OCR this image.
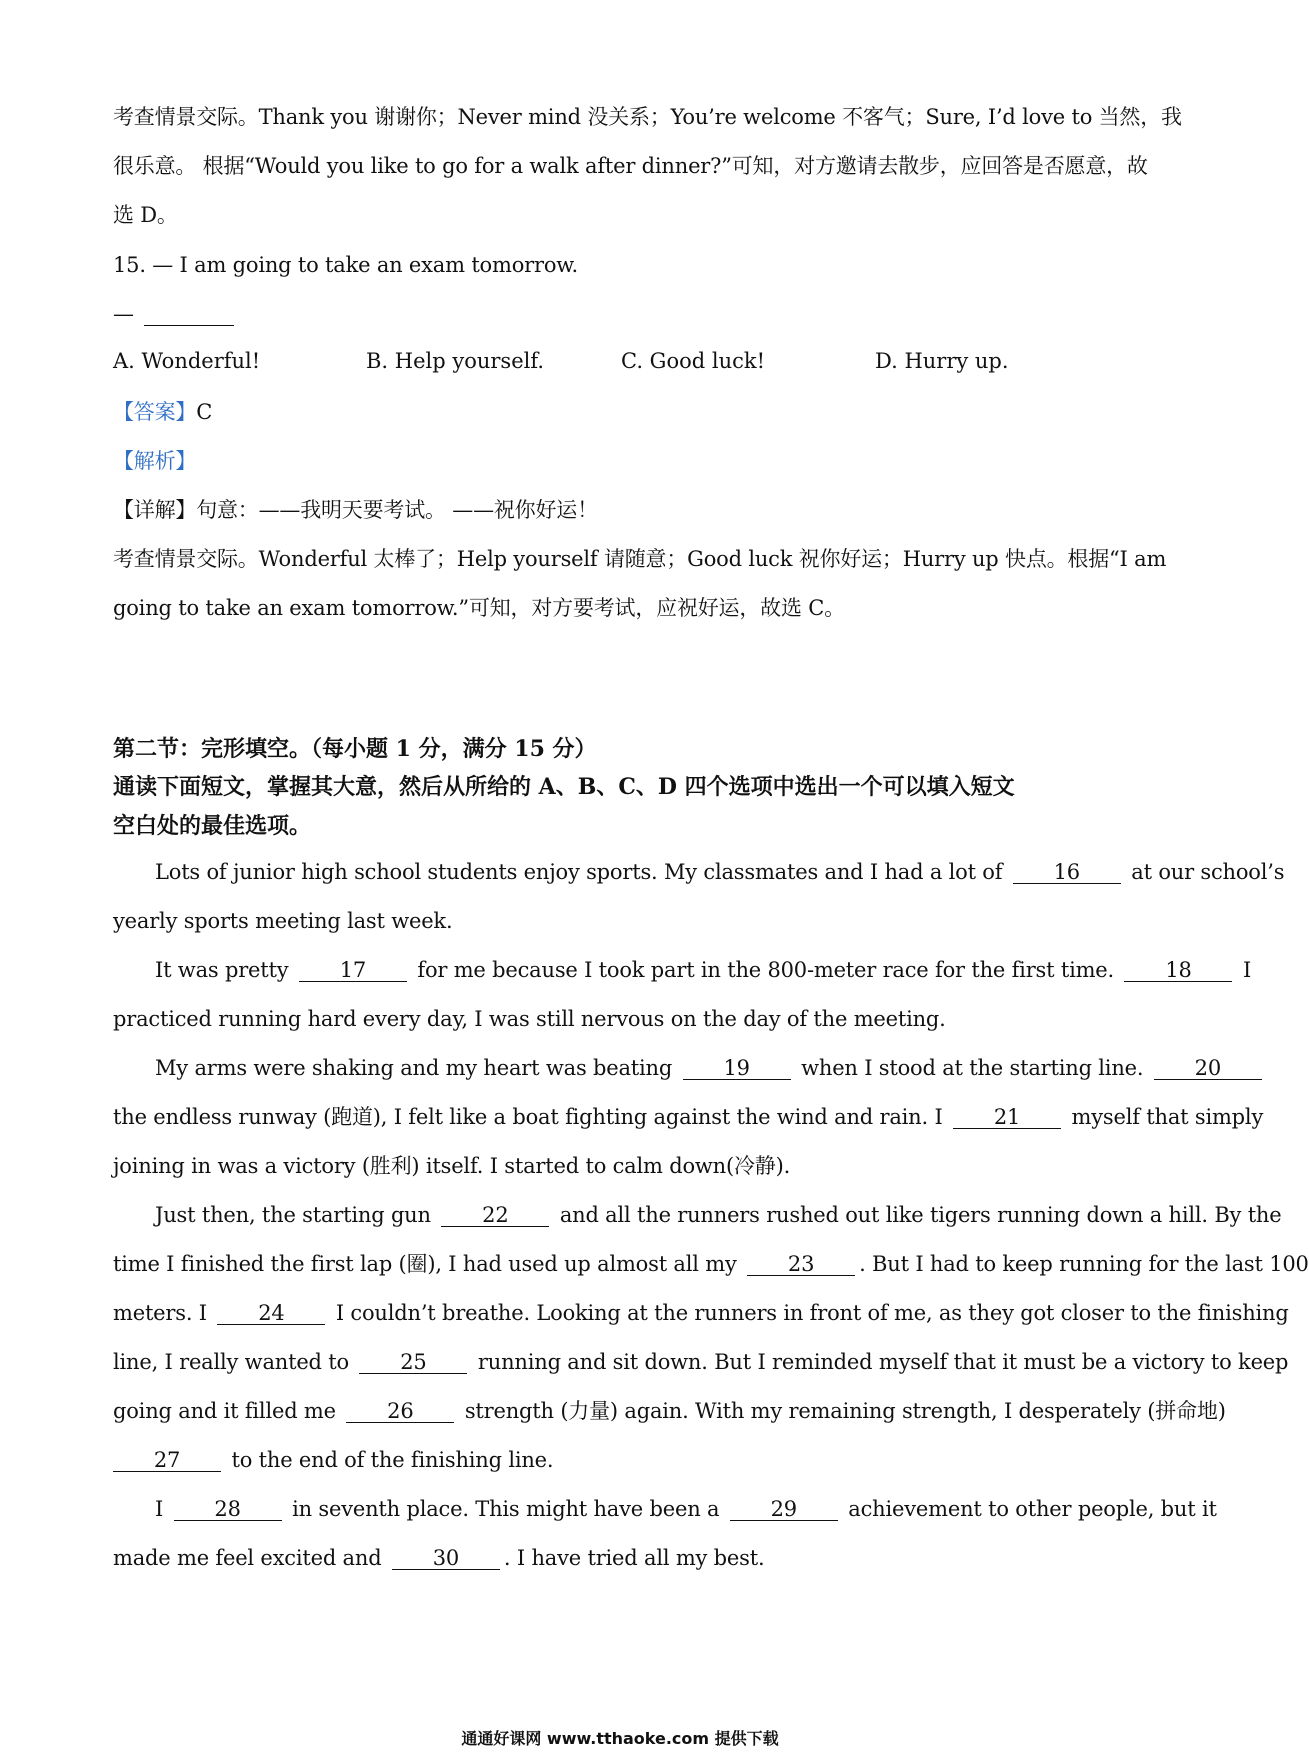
考查情景交际。Thank you 谢谢你；Never mind 没关系；You’re welcome 不客气；Sure, I’d love to 当然，我
很乐意。 根据“Would you like to go for a walk after dinner?”可知，对方邀请去散步，应回答是否愿意，故
选 D。
15. — I am going to take an exam tomorrow.
—
A. Wonderful!	B. Help yourself.	C. Good luck!	D. Hurry up.
【答案】C
【解析】
【详解】句意：——我明天要考试。 ——祝你好运！
考查情景交际。Wonderful 太棒了；Help yourself 请随意；Good luck 祝你好运；Hurry up 快点。根据“I am
going to take an exam tomorrow.”可知，对方要考试，应祝好运，故选 C。
第二节：完形填空。（每小题 1 分，满分 15 分）
通读下面短文，掌握其大意，然后从所给的 A、B、C、D 四个选项中选出一个可以填入短文
空白处的最佳选项。
Lots of junior high school students enjoy sports. My classmates and I had a lot of 16 at our school’s
yearly sports meeting last week.
It was pretty 17 for me because I took part in the 800-meter race for the first time. 18 I
practiced running hard every day, I was still nervous on the day of the meeting.
My arms were shaking and my heart was beating 19 when I stood at the starting line. 20
the endless runway (跑道), I felt like a boat fighting against the wind and rain. I 21 myself that simply
joining in was a victory (胜利) itself. I started to calm down(冷静).
Just then, the starting gun 22 and all the runners rushed out like tigers running down a hill. By the
time I finished the first lap (圈), I had used up almost all my 23 . But I had to keep running for the last 100
meters. I 24 I couldn’t breathe. Looking at the runners in front of me, as they got closer to the finishing
line, I really wanted to 25 running and sit down. But I reminded myself that it must be a victory to keep
going and it filled me 26 strength (力量) again. With my remaining strength, I desperately (拼命地)
27 to the end of the finishing line.
I 28 in seventh place. This might have been a 29 achievement to other people, but it
made me feel excited and 30 . I have tried all my best.
通通好课网 www.tthaoke.com 提供下载
